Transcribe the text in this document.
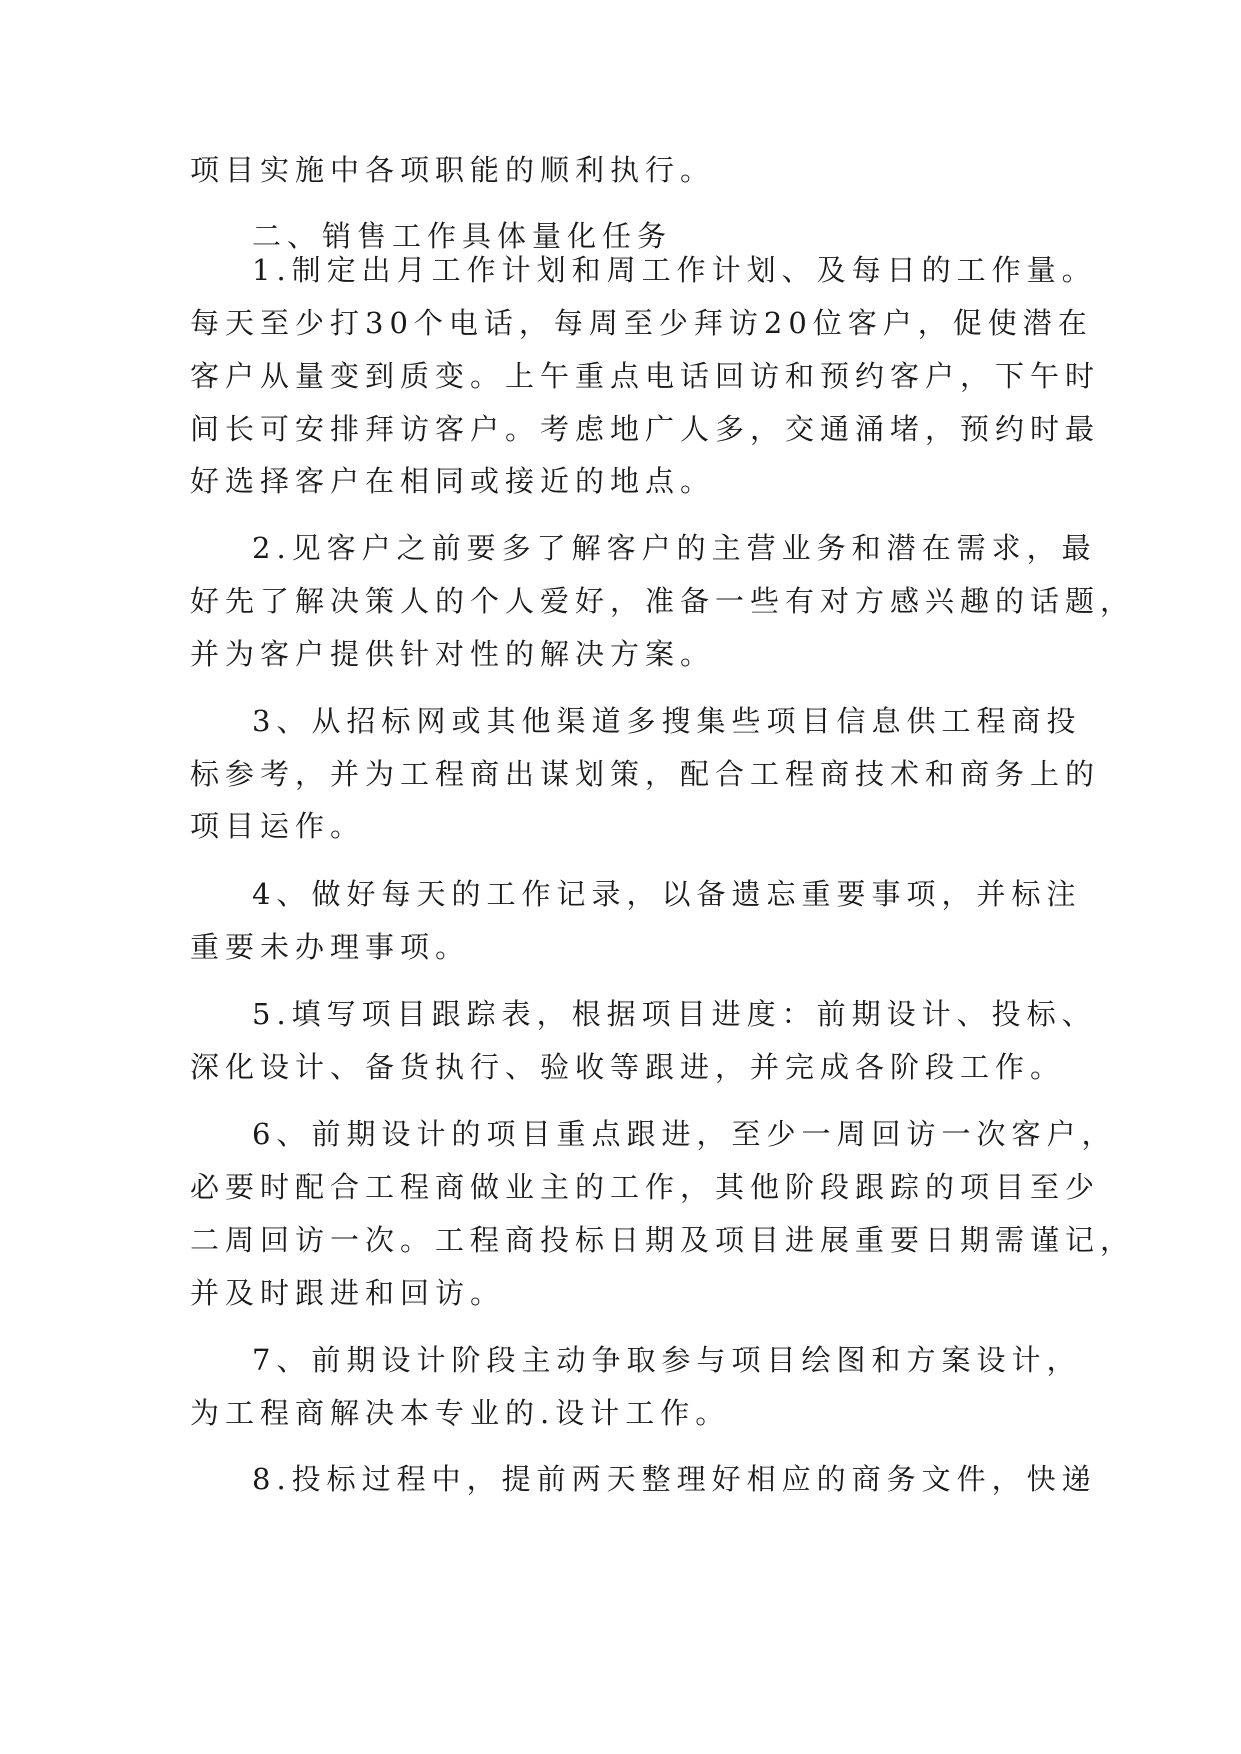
项目实施中各项职能的顺利执行。
二、销售工作具体量化任务
1.制定出月工作计划和周工作计划、及每日的工作量。
每天至少打30个电话，每周至少拜访20位客户，促使潜在
客户从量变到质变。上午重点电话回访和预约客户，下午时
间长可安排拜访客户。考虑地广人多，交通涌堵，预约时最
好选择客户在相同或接近的地点。
2.见客户之前要多了解客户的主营业务和潜在需求，最
好先了解决策人的个人爱好，准备一些有对方感兴趣的话题，
并为客户提供针对性的解决方案。
3、从招标网或其他渠道多搜集些项目信息供工程商投
标参考，并为工程商出谋划策，配合工程商技术和商务上的
项目运作。
4、做好每天的工作记录，以备遗忘重要事项，并标注
重要未办理事项。
5.填写项目跟踪表，根据项目进度：前期设计、投标、
深化设计、备货执行、验收等跟进，并完成各阶段工作。
6、前期设计的项目重点跟进，至少一周回访一次客户，
必要时配合工程商做业主的工作，其他阶段跟踪的项目至少
二周回访一次。工程商投标日期及项目进展重要日期需谨记，
并及时跟进和回访。
7、前期设计阶段主动争取参与项目绘图和方案设计，
为工程商解决本专业的.设计工作。
8.投标过程中，提前两天整理好相应的商务文件，快递
